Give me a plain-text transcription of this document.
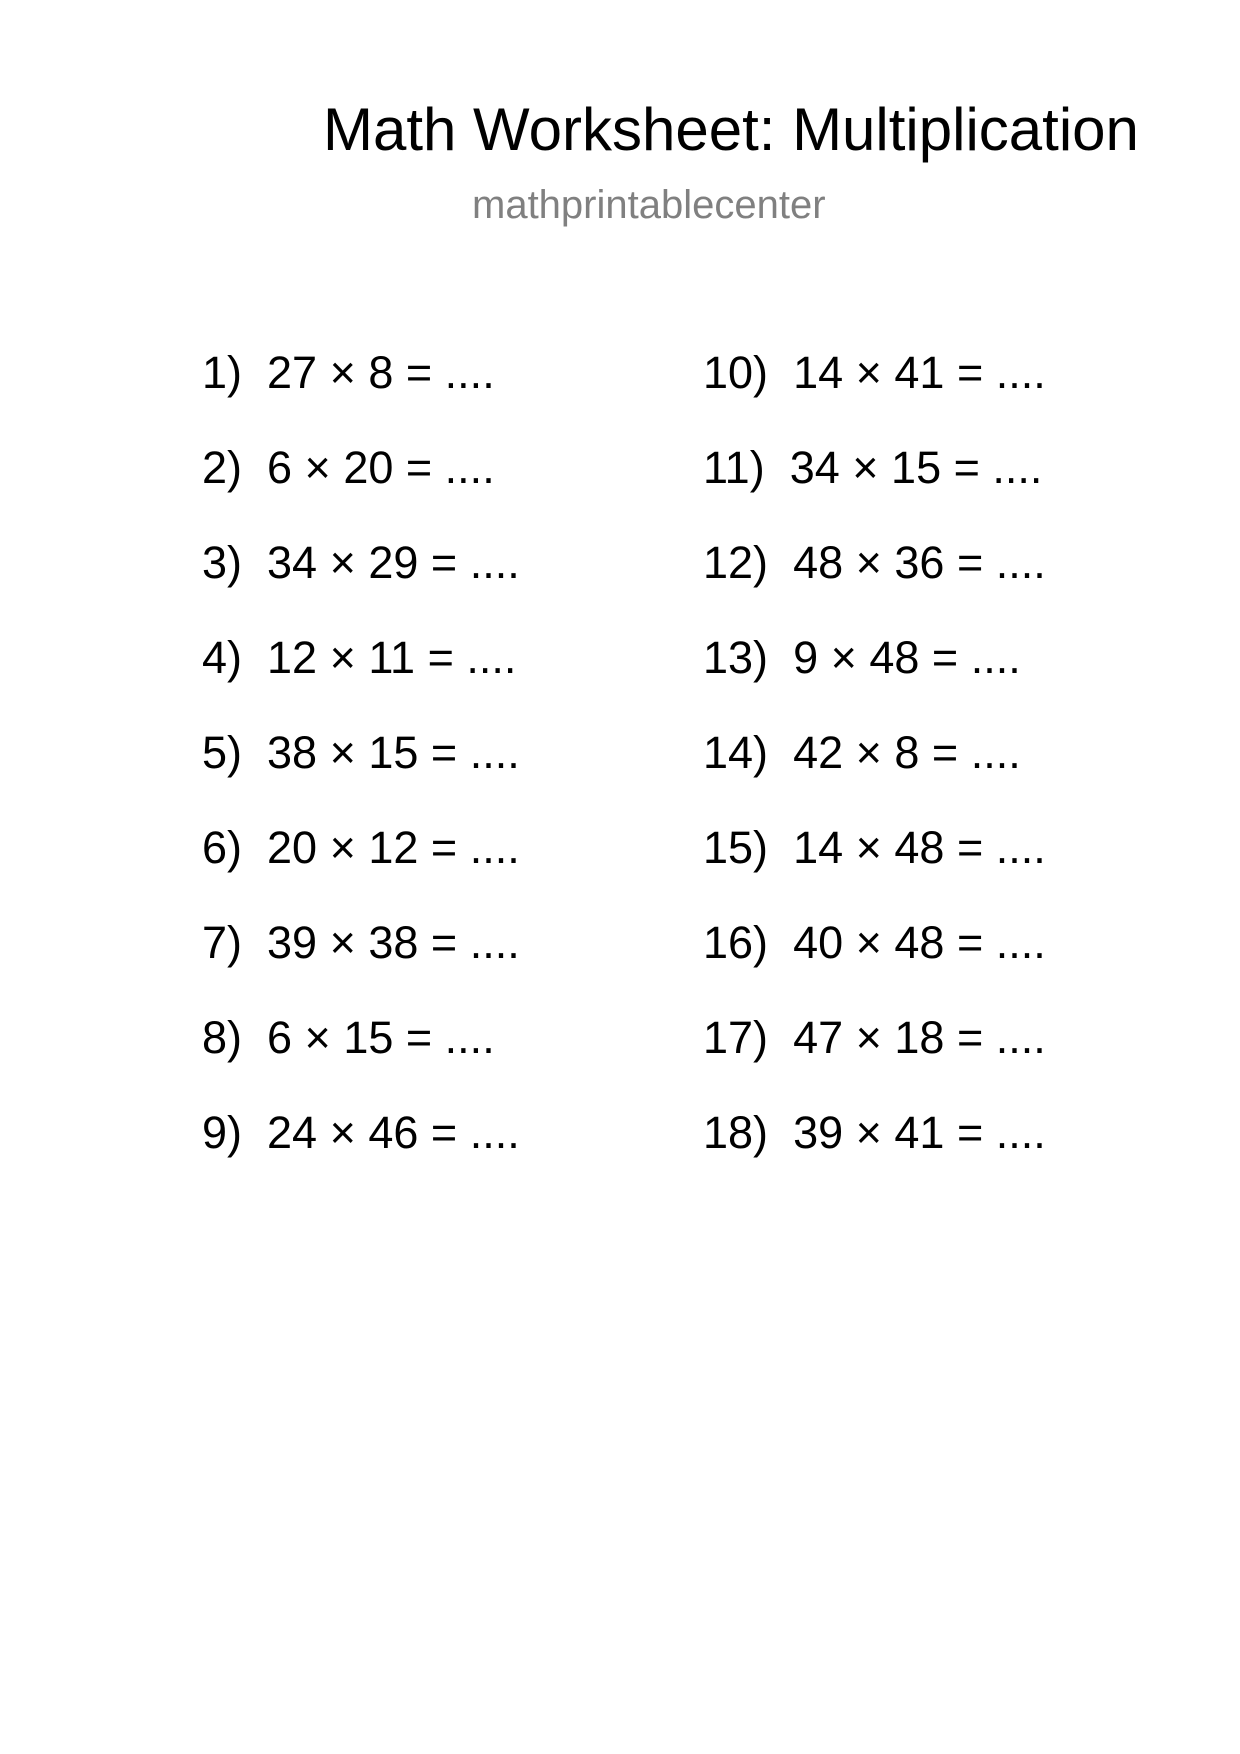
Math Worksheet: Multiplication
mathprintablecenter
1) 27 × 8 = ....
2) 6 × 20 = ....
3) 34 × 29 = ....
4) 12 × 11 = ....
5) 38 × 15 = ....
6) 20 × 12 = ....
7) 39 × 38 = ....
8) 6 × 15 = ....
9) 24 × 46 = ....
10) 14 × 41 = ....
11) 34 × 15 = ....
12) 48 × 36 = ....
13) 9 × 48 = ....
14) 42 × 8 = ....
15) 14 × 48 = ....
16) 40 × 48 = ....
17) 47 × 18 = ....
18) 39 × 41 = ....
